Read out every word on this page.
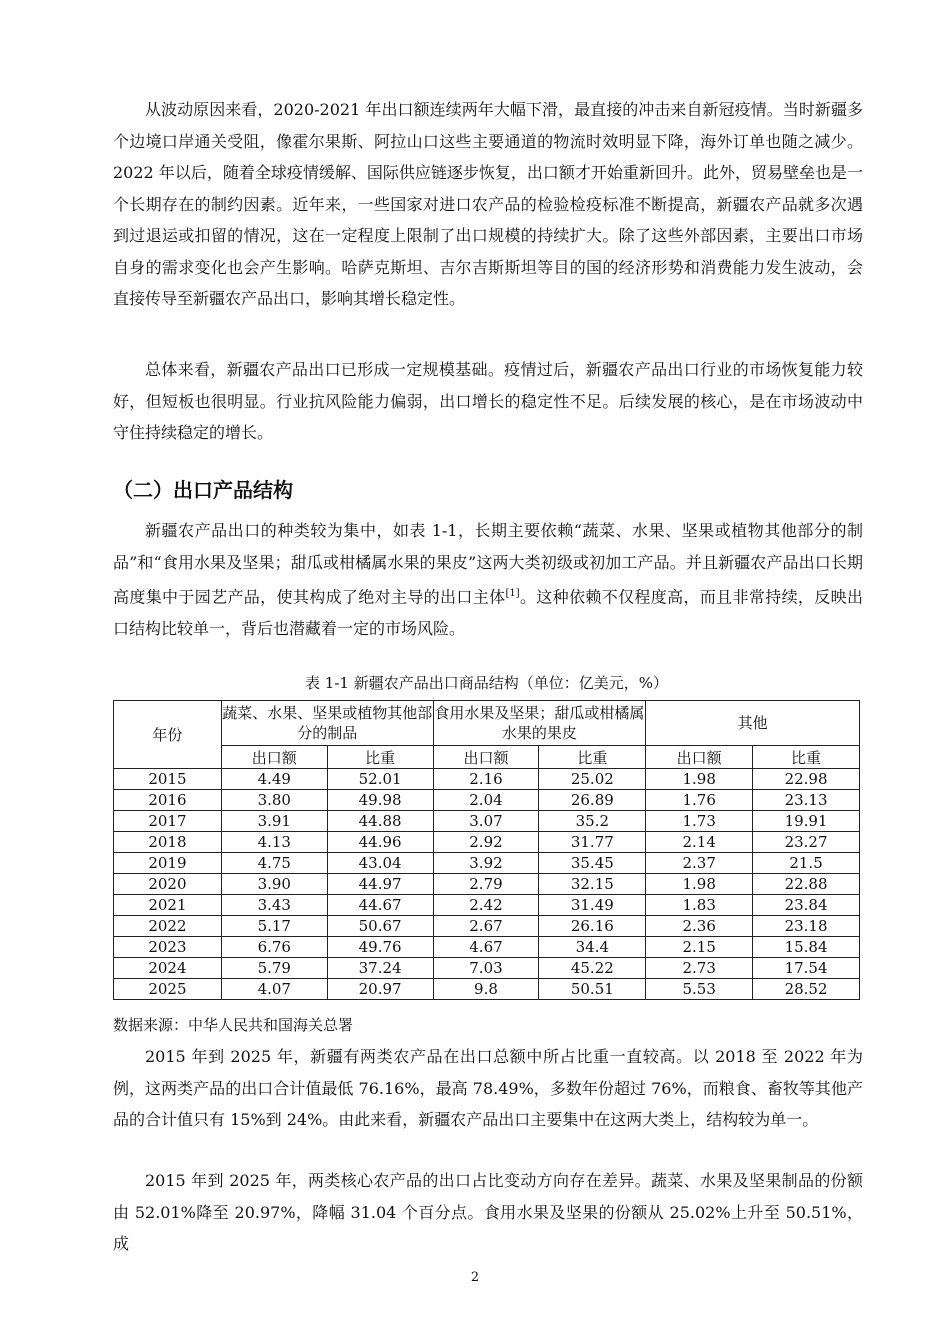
从波动原因来看，2020-2021 年出口额连续两年大幅下滑，最直接的冲击来自新冠疫情。当时新疆多个边境口岸通关受阻，像霍尔果斯、阿拉山口这些主要通道的物流时效明显下降，海外订单也随之减少。2022 年以后，随着全球疫情缓解、国际供应链逐步恢复，出口额才开始重新回升。此外，贸易壁垒也是一个长期存在的制约因素。近年来，一些国家对进口农产品的检验检疫标准不断提高，新疆农产品就多次遇到过退运或扣留的情况，这在一定程度上限制了出口规模的持续扩大。除了这些外部因素，主要出口市场自身的需求变化也会产生影响。哈萨克斯坦、吉尔吉斯斯坦等目的国的经济形势和消费能力发生波动，会直接传导至新疆农产品出口，影响其增长稳定性。

总体来看，新疆农产品出口已形成一定规模基础。疫情过后，新疆农产品出口行业的市场恢复能力较好，但短板也很明显。行业抗风险能力偏弱，出口增长的稳定性不足。后续发展的核心，是在市场波动中守住持续稳定的增长。

（二）出口产品结构

新疆农产品出口的种类较为集中，如表 1-1，长期主要依赖“蔬菜、水果、坚果或植物其他部分的制品”和“食用水果及坚果；甜瓜或柑橘属水果的果皮”这两大类初级或初加工产品。并且新疆农产品出口长期高度集中于园艺产品，使其构成了绝对主导的出口主体[1]。这种依赖不仅程度高，而且非常持续，反映出口结构比较单一，背后也潜藏着一定的市场风险。

表 1-1 新疆农产品出口商品结构（单位：亿美元，%）

年份	蔬菜、水果、坚果或植物其他部分的制品		食用水果及坚果；甜瓜或柑橘属水果的果皮		其他	
	出口额	比重	出口额	比重	出口额	比重
2015	4.49	52.01	2.16	25.02	1.98	22.98
2016	3.80	49.98	2.04	26.89	1.76	23.13
2017	3.91	44.88	3.07	35.2	1.73	19.91
2018	4.13	44.96	2.92	31.77	2.14	23.27
2019	4.75	43.04	3.92	35.45	2.37	21.5
2020	3.90	44.97	2.79	32.15	1.98	22.88
2021	3.43	44.67	2.42	31.49	1.83	23.84
2022	5.17	50.67	2.67	26.16	2.36	23.18
2023	6.76	49.76	4.67	34.4	2.15	15.84
2024	5.79	37.24	7.03	45.22	2.73	17.54
2025	4.07	20.97	9.8	50.51	5.53	28.52

数据来源：中华人民共和国海关总署

2015 年到 2025 年，新疆有两类农产品在出口总额中所占比重一直较高。以 2018 至 2022 年为例，这两类产品的出口合计值最低 76.16%，最高 78.49%，多数年份超过 76%，而粮食、畜牧等其他产品的合计值只有 15%到 24%。由此来看，新疆农产品出口主要集中在这两大类上，结构较为单一。

2015 年到 2025 年，两类核心农产品的出口占比变动方向存在差异。蔬菜、水果及坚果制品的份额由 52.01%降至 20.97%，降幅 31.04 个百分点。食用水果及坚果的份额从 25.02%上升至 50.51%，成

2
